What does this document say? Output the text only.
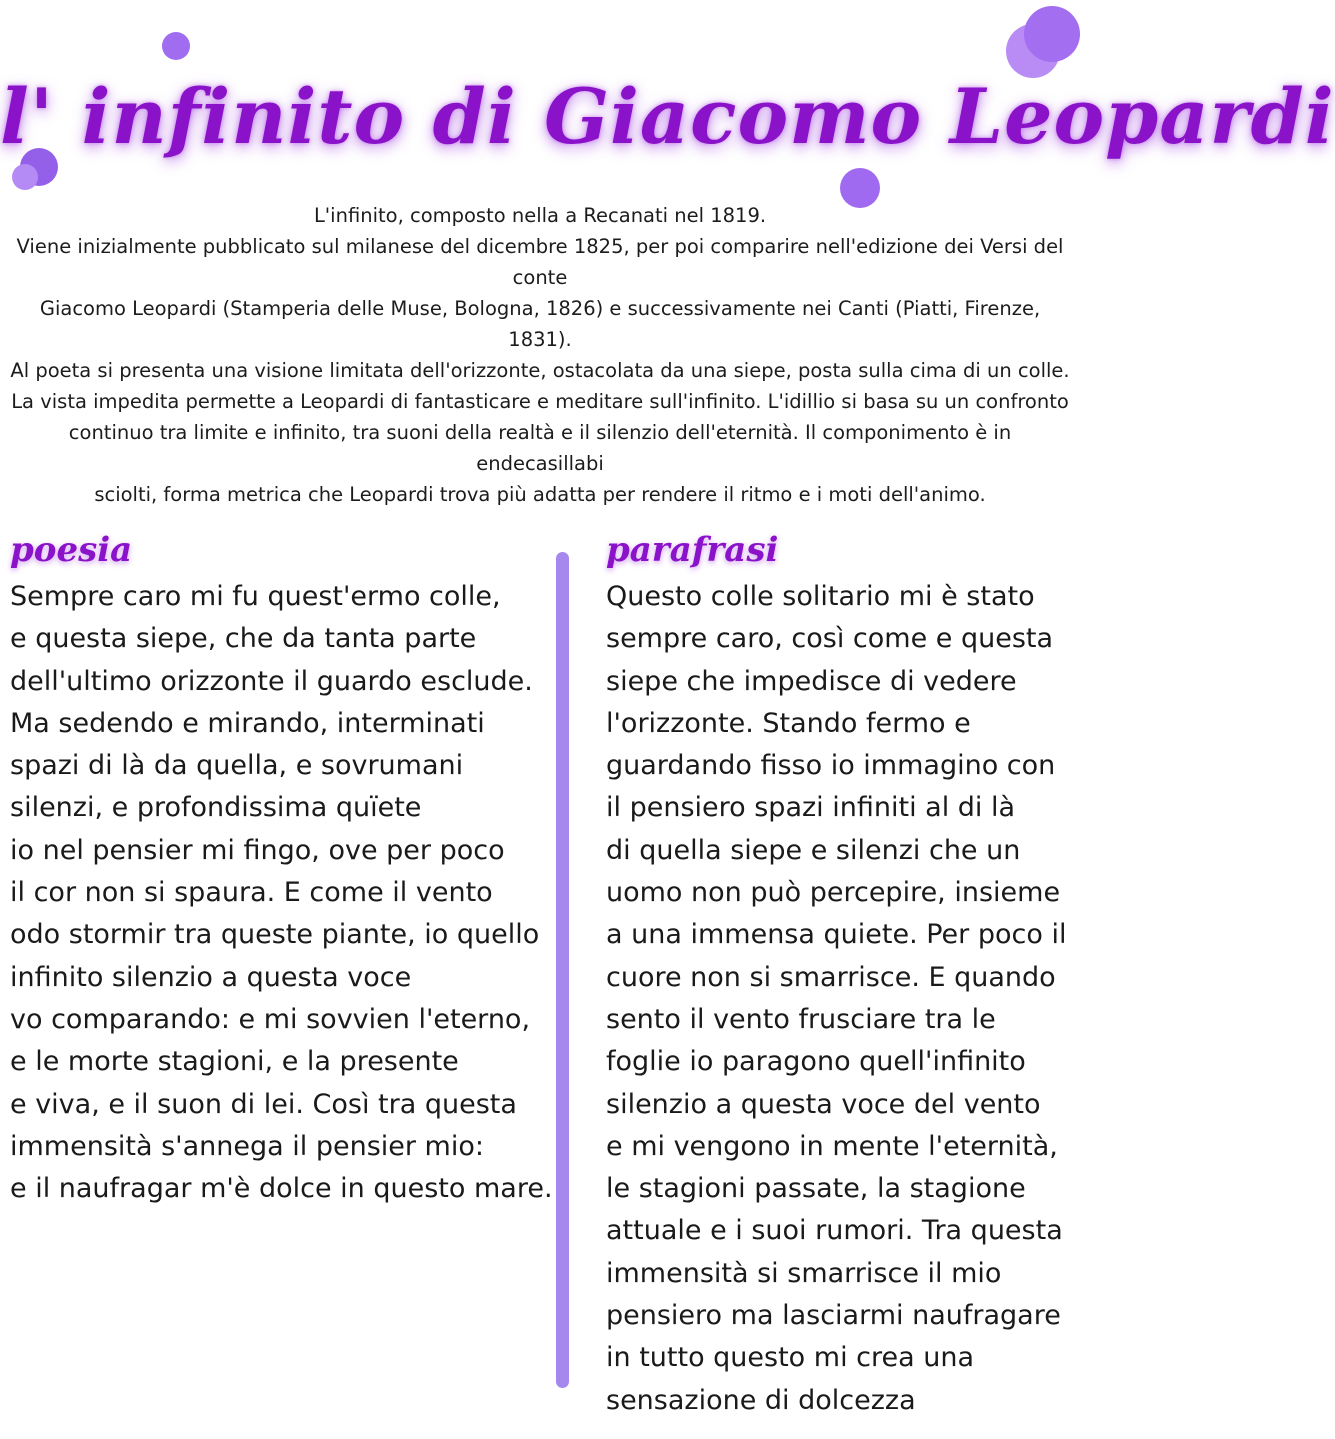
l' infinito di Giacomo Leopardi

L'infinito, composto nella a Recanati nel 1819.

Viene inizialmente pubblicato sul milanese del dicembre 1825, per poi comparire nell'edizione dei Versi del conte

Giacomo Leopardi (Stamperia delle Muse, Bologna, 1826) e successivamente nei Canti (Piatti, Firenze, 1831).

Al poeta si presenta una visione limitata dell'orizzonte, ostacolata da una siepe, posta sulla cima di un colle.

La vista impedita permette a Leopardi di fantasticare e meditare sull'infinito. L'idillio si basa su un confronto

continuo tra limite e infinito, tra suoni della realtà e il silenzio dell'eternità. Il componimento è in endecasillabi

sciolti, forma metrica che Leopardi trova più adatta per rendere il ritmo e i moti dell'animo.

poesia
Sempre caro mi fu quest'ermo colle,
e questa siepe, che da tanta parte
dell'ultimo orizzonte il guardo esclude.
Ma sedendo e mirando, interminati
spazi di là da quella, e sovrumani
silenzi, e profondissima quïete
io nel pensier mi fingo, ove per poco
il cor non si spaura. E come il vento
odo stormir tra queste piante, io quello
infinito silenzio a questa voce
vo comparando: e mi sovvien l'eterno,
e le morte stagioni, e la presente
e viva, e il suon di lei. Così tra questa
immensità s'annega il pensier mio:
e il naufragar m'è dolce in questo mare.
parafrasi
Questo colle solitario mi è stato
sempre caro, così come e questa
siepe che impedisce di vedere
l'orizzonte. Stando fermo e
guardando fisso io immagino con
il pensiero spazi infiniti al di là
di quella siepe e silenzi che un
uomo non può percepire, insieme
a una immensa quiete. Per poco il
cuore non si smarrisce. E quando
sento il vento frusciare tra le
foglie io paragono quell'infinito
silenzio a questa voce del vento
e mi vengono in mente l'eternità,
le stagioni passate, la stagione
attuale e i suoi rumori. Tra questa
immensità si smarrisce il mio
pensiero ma lasciarmi naufragare
in tutto questo mi crea una
sensazione di dolcezza
